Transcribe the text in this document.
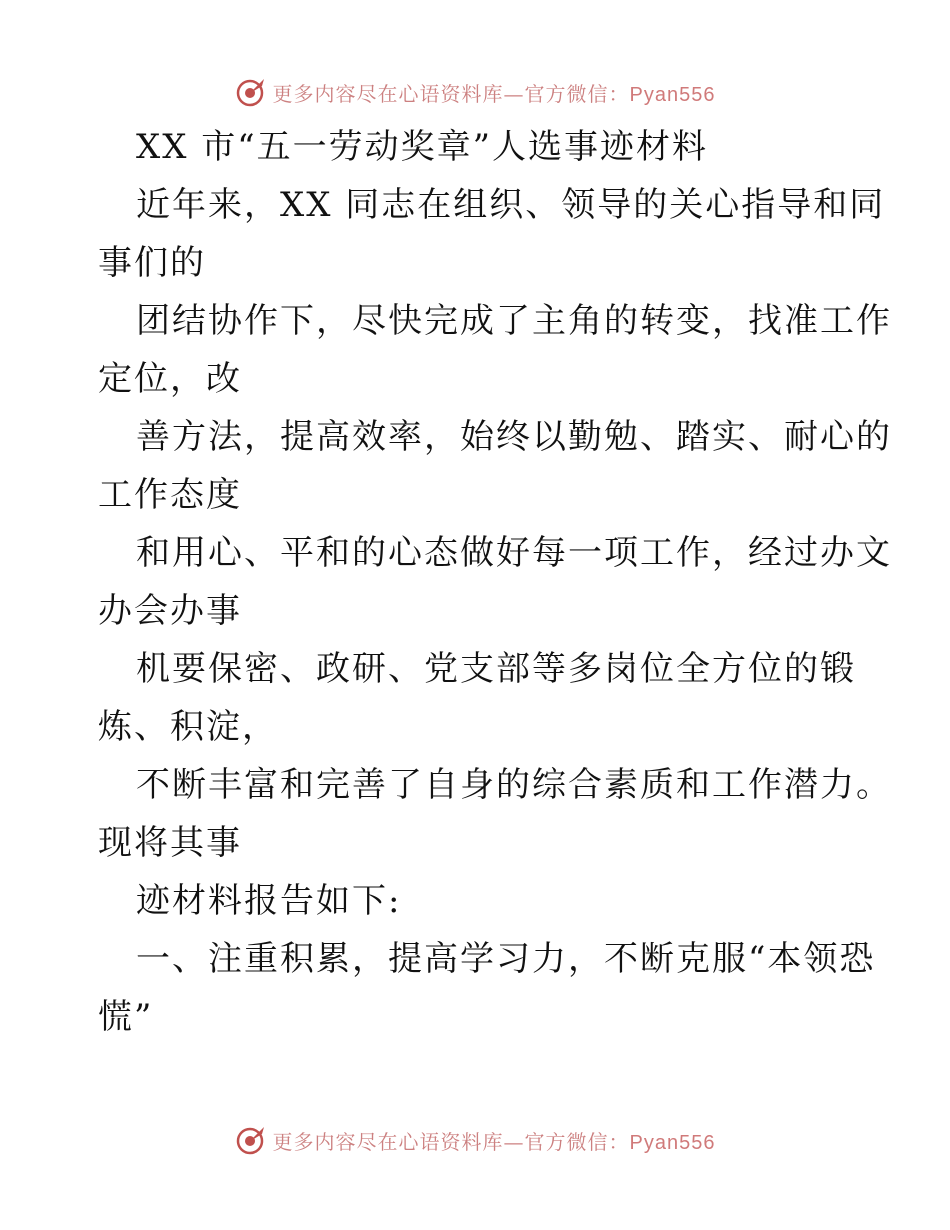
更多内容尽在心语资料库—官方微信：Pyan556
XX 市“五一劳动奖章”人选事迹材料
近年来，XX 同志在组织、领导的关心指导和同
事们的
团结协作下，尽快完成了主角的转变，找准工作
定位，改
善方法，提高效率，始终以勤勉、踏实、耐心的
工作态度
和用心、平和的心态做好每一项工作，经过办文
办会办事
机要保密、政研、党支部等多岗位全方位的锻
炼、积淀，
不断丰富和完善了自身的综合素质和工作潜力。
现将其事
迹材料报告如下:
一、注重积累，提高学习力，不断克服“本领恐
慌”
更多内容尽在心语资料库—官方微信：Pyan556
